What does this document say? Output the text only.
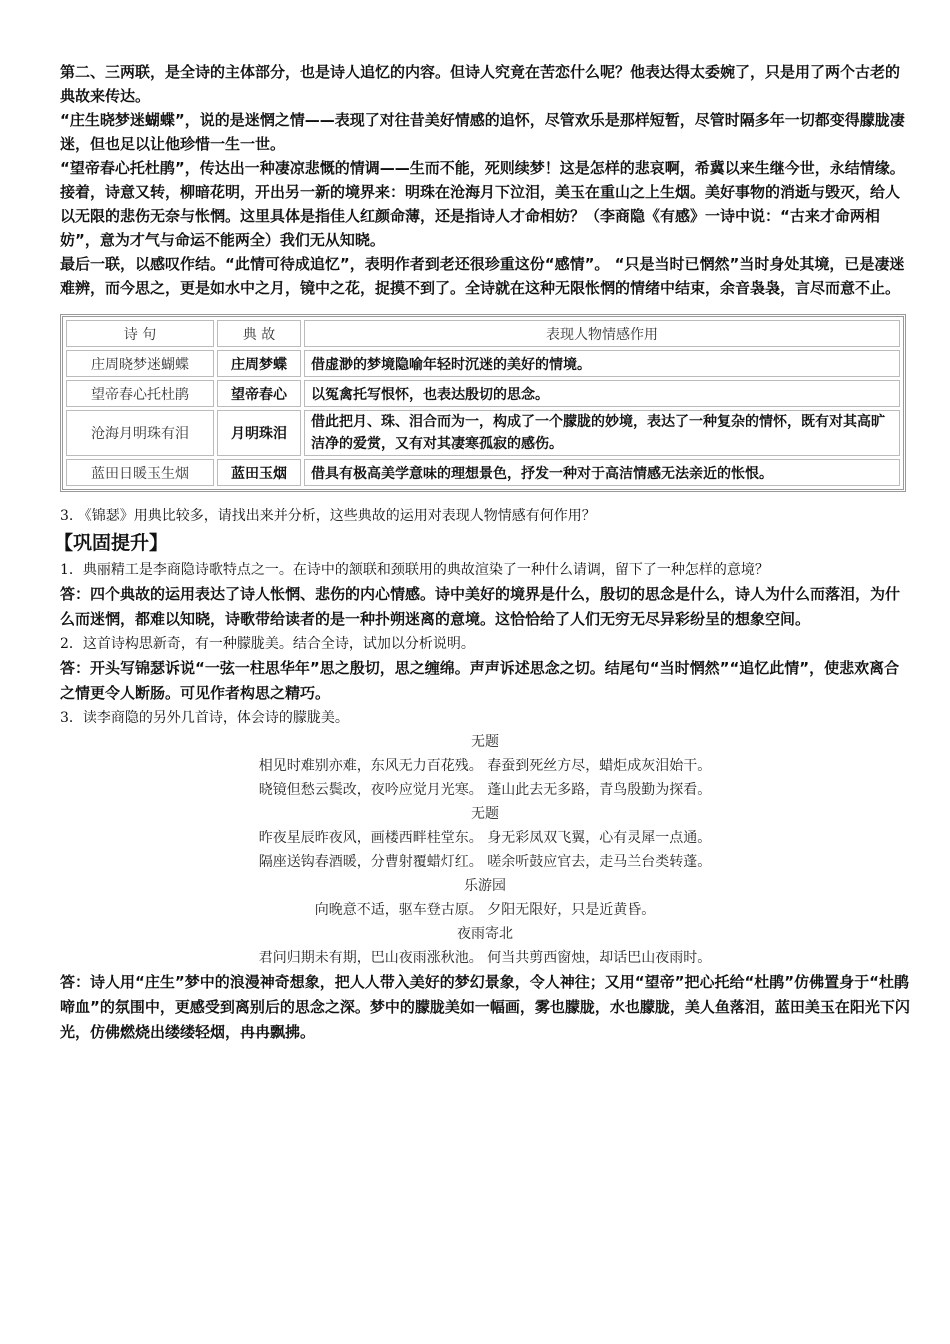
第二、三两联，是全诗的主体部分，也是诗人追忆的内容。但诗人究竟在苦恋什么呢？他表达得太委婉了，只是用了两个古老的典故来传达。

“庄生晓梦迷蝴蝶”，说的是迷惘之情——表现了对往昔美好情感的追怀，尽管欢乐是那样短暂，尽管时隔多年一切都变得朦胧凄迷，但也足以让他珍惜一生一世。

“望帝春心托杜鹃”，传达出一种凄凉悲慨的情调——生而不能，死则续梦！这是怎样的悲哀啊，希冀以来生继今世，永结情缘。

接着，诗意又转，柳暗花明，开出另一新的境界来：明珠在沧海月下泣泪，美玉在重山之上生烟。美好事物的消逝与毁灭，给人以无限的悲伤无奈与怅惘。这里具体是指佳人红颜命薄，还是指诗人才命相妨？（李商隐《有感》一诗中说：“古来才命两相妨”，意为才气与命运不能两全）我们无从知晓。

最后一联，以感叹作结。“此情可待成追忆”，表明作者到老还很珍重这份“感情”。 “只是当时已惘然”当时身处其境，已是凄迷难辨，而今思之，更是如水中之月，镜中之花，捉摸不到了。全诗就在这种无限怅惘的情绪中结束，余音袅袅，言尽而意不止。

诗 句	典 故	表现人物情感作用
庄周晓梦迷蝴蝶	庄周梦蝶	借虚渺的梦境隐喻年轻时沉迷的美好的情境。
望帝春心托杜鹃	望帝春心	以冤禽托写恨怀，也表达殷切的思念。
沧海月明珠有泪	月明珠泪	借此把月、珠、泪合而为一，构成了一个朦胧的妙境，表达了一种复杂的情怀，既有对其高旷洁净的爱赏，又有对其凄寒孤寂的感伤。
蓝田日暖玉生烟	蓝田玉烟	借具有极高美学意味的理想景色，抒发一种对于高洁情感无法亲近的怅恨。

3. 《锦瑟》用典比较多，请找出来并分析，这些典故的运用对表现人物情感有何作用？

【巩固提升】

1．典丽精工是李商隐诗歌特点之一。在诗中的颔联和颈联用的典故渲染了一种什么请调，留下了一种怎样的意境？

答：四个典故的运用表达了诗人怅惘、悲伤的内心情感。诗中美好的境界是什么，殷切的思念是什么，诗人为什么而落泪，为什么而迷惘，都难以知晓，诗歌带给读者的是一种扑朔迷离的意境。这恰恰给了人们无穷无尽异彩纷呈的想象空间。

2．这首诗构思新奇，有一种朦胧美。结合全诗，试加以分析说明。

答：开头写锦瑟诉说“一弦一柱思华年”思之殷切，思之缠绵。声声诉述思念之切。结尾句“当时惘然”“追忆此情”，使悲欢离合之情更令人断肠。可见作者构思之精巧。

3．读李商隐的另外几首诗，体会诗的朦胧美。

无题

相见时难别亦难，东风无力百花残。 春蚕到死丝方尽，蜡炬成灰泪始干。

晓镜但愁云鬓改，夜吟应觉月光寒。 蓬山此去无多路，青鸟殷勤为探看。

无题

昨夜星辰昨夜风，画楼西畔桂堂东。 身无彩凤双飞翼，心有灵犀一点通。

隔座送钩春酒暖，分曹射覆蜡灯红。 嗟余听鼓应官去，走马兰台类转蓬。

乐游园

向晚意不适，驱车登古原。 夕阳无限好，只是近黄昏。

夜雨寄北

君问归期未有期，巴山夜雨涨秋池。 何当共剪西窗烛，却话巴山夜雨时。

答：诗人用“庄生”梦中的浪漫神奇想象，把人人带入美好的梦幻景象，令人神往；又用“望帝”把心托给“杜鹃”仿佛置身于“杜鹃啼血”的氛围中，更感受到离别后的思念之深。梦中的朦胧美如一幅画，雾也朦胧，水也朦胧，美人鱼落泪，蓝田美玉在阳光下闪光，仿佛燃烧出缕缕轻烟，冉冉飘拂。
